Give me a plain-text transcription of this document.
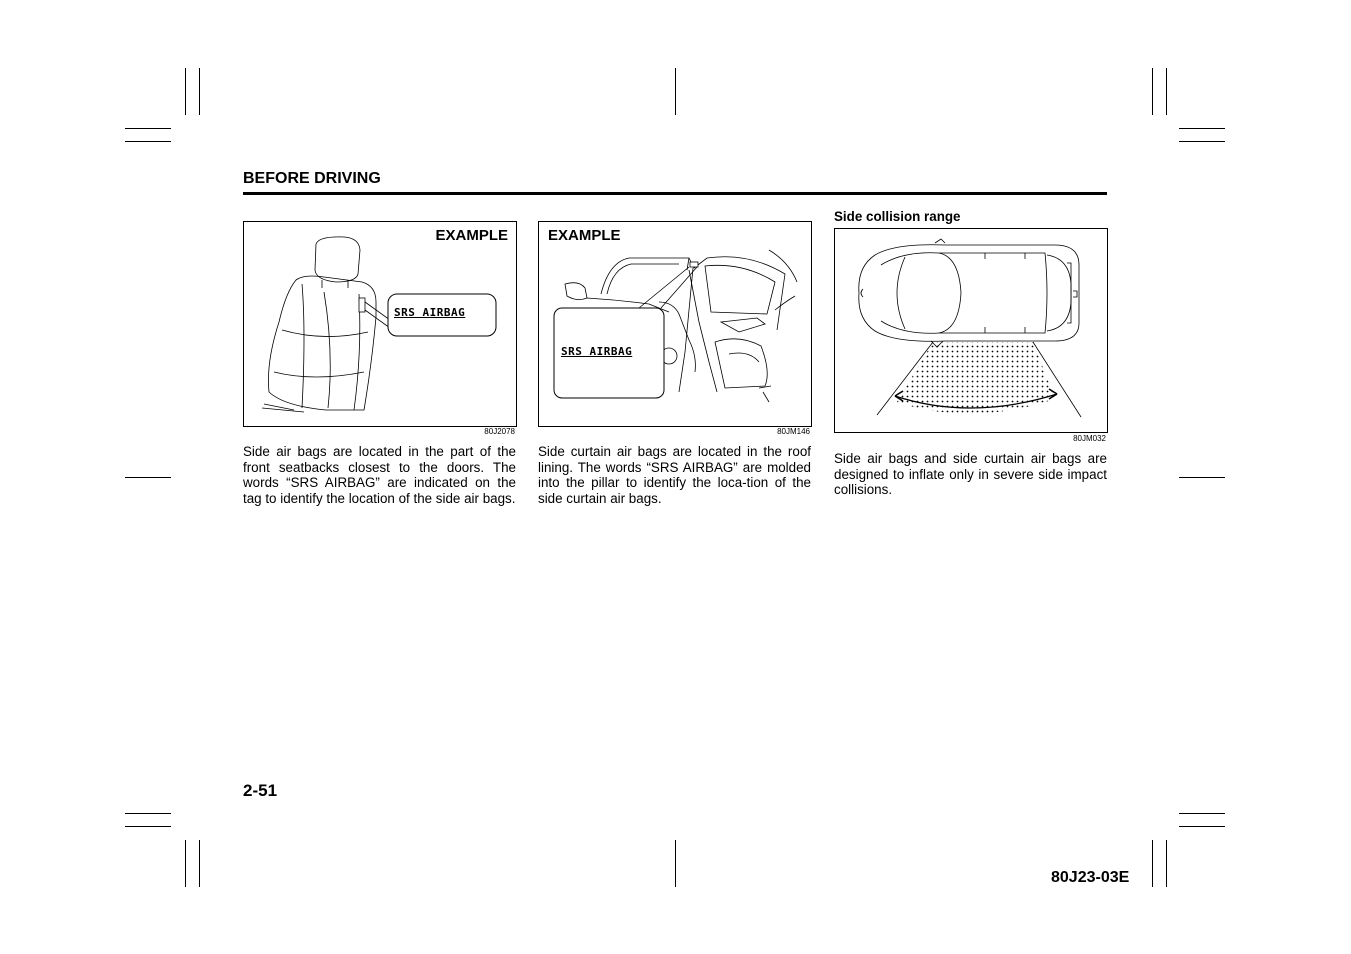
BEFORE DRIVING
EXAMPLE
SRS AIRBAG
80J2078
EXAMPLE
SRS AIRBAG
80JM146
Side collision range
80JM032
Side air bags are located in the part of the front seatbacks closest to the doors. The words “SRS AIRBAG” are indicated on the tag to identify the location of the side air bags.
Side curtain air bags are located in the roof lining. The words “SRS AIRBAG” are molded into the pillar to identify the loca-tion of the side curtain air bags.
Side air bags and side curtain air bags are designed to inflate only in severe side impact collisions.
2-51
80J23-03E
